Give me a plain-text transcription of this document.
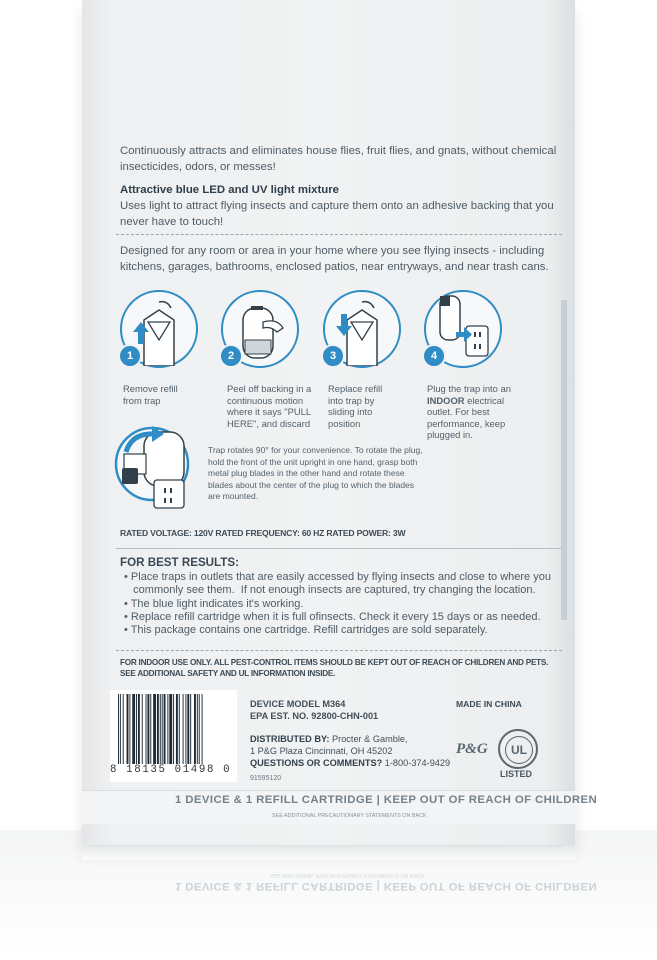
Continuously attracts and eliminates house flies, fruit flies, and gnats, without chemical insecticides, odors, or messes!
Attractive blue LED and UV light mixture
Uses light to attract flying insects and capture them onto an adhesive backing that you never have to touch!
Designed for any room or area in your home where you see flying insects - including kitchens, garages, bathrooms, enclosed patios, near entryways, and near trash cans.
1
Remove refill from trap
2
Peel off backing in a continuous motion where it says "PULL HERE", and discard
3
Replace refill into trap by sliding into position
4
Plug the trap into an INDOOR electrical outlet. For best performance, keep plugged in.
Trap rotates 90° for your convenience. To rotate the plug, hold the front of the unit upright in one hand, grasp both metal plug blades in the other hand and rotate these blades about the center of the plug to which the blades are mounted.
RATED VOLTAGE: 120V RATED FREQUENCY: 60 HZ RATED POWER: 3W
FOR BEST RESULTS:
• Place traps in outlets that are easily accessed by flying insects and close to where you
commonly see them.  If not enough insects are captured, try changing the location.
• The blue light indicates it's working.
• Replace refill cartridge when it is full ofinsects. Check it every 15 days or as needed.
• This package contains one cartridge. Refill cartridges are sold separately.
FOR INDOOR USE ONLY. ALL PEST-CONTROL ITEMS SHOULD BE KEPT OUT OF REACH OF CHILDREN AND PETS.
SEE ADDITIONAL SAFETY AND UL INFORMATION INSIDE.
8 18135 01498 0
DEVICE MODEL M364
EPA EST. NO. 92800-CHN-001
DISTRIBUTED BY: Procter & Gamble,
1 P&G Plaza Cincinnati, OH 45202
QUESTIONS OR COMMENTS? 1-800-374-9429
91595120
MADE IN CHINA
P&G	UL
LISTED
1 DEVICE & 1 REFILL CARTRIDGE | KEEP OUT OF REACH OF CHILDREN
SEE ADDITIONAL PRECAUTIONARY STATEMENTS ON BACK
1 DEVICE & 1 REFILL CARTRIDGE | KEEP OUT OF REACH OF CHILDREN
SEE ADDITIONAL PRECAUTIONARY STATEMENTS ON BACK
